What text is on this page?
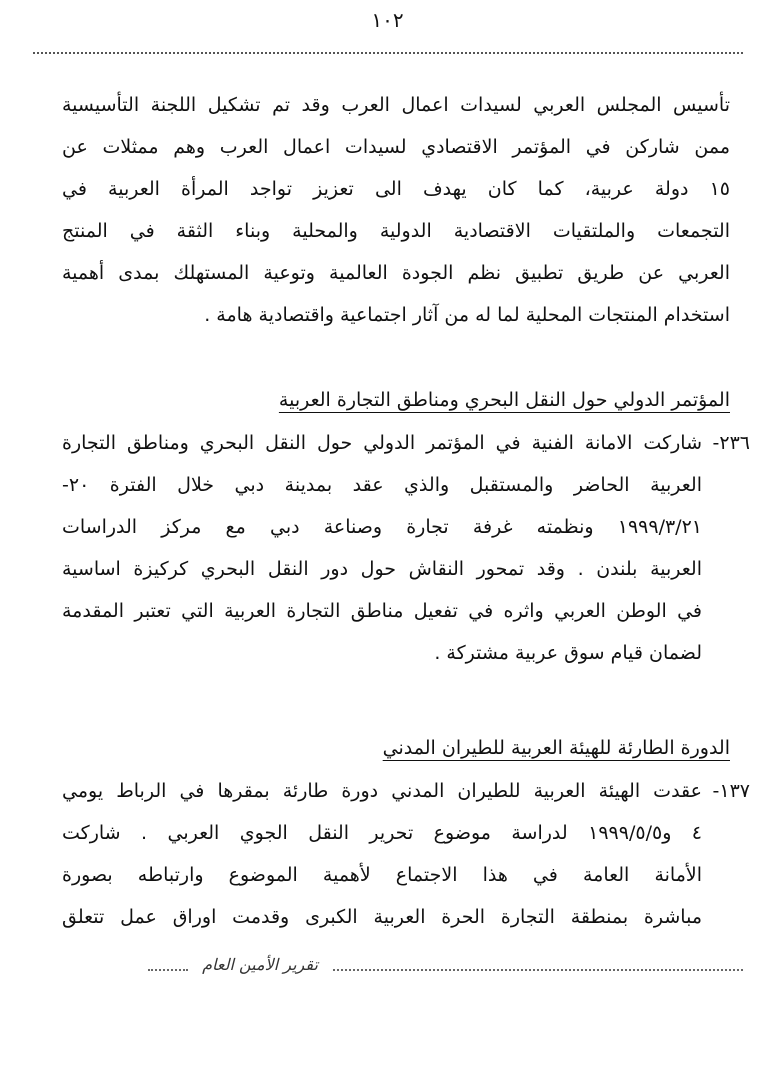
١٠٢
تأسيس المجلس العربي لسيدات اعمال العرب وقد تم تشكيل اللجنة التأسيسية
ممن شاركن في المؤتمر الاقتصادي لسيدات اعمال العرب وهم ممثلات عن
١٥ دولة عربية، كما كان يهدف الى تعزيز تواجد المرأة العربية في
التجمعات والملتقيات الاقتصادية الدولية والمحلية وبناء الثقة في المنتج
العربي عن طريق تطبيق نظم الجودة العالمية وتوعية المستهلك بمدى أهمية
استخدام المنتجات المحلية لما له من آثار اجتماعية واقتصادية هامة .
المؤتمر الدولي حول النقل البحري ومناطق التجارة العربية
٢٣٦-
شاركت الامانة الفنية في المؤتمر الدولي حول النقل البحري ومناطق التجارة
العربية الحاضر والمستقبل والذي عقد بمدينة دبي خلال الفترة ٢٠-
١٩٩٩/٣/٢١ ونظمته غرفة تجارة وصناعة دبي مع مركز الدراسات
العربية بلندن . وقد تمحور النقاش حول دور النقل البحري كركيزة اساسية
في الوطن العربي واثره في تفعيل مناطق التجارة العربية التي تعتبر المقدمة
لضمان قيام سوق عربية مشتركة .
الدورة الطارئة للهيئة العربية للطيران المدني
١٣٧-
عقدت الهيئة العربية للطيران المدني دورة طارئة بمقرها في الرباط يومي
٤ و١٩٩٩/٥/٥ لدراسة موضوع تحرير النقل الجوي العربي . شاركت
الأمانة العامة في هذا الاجتماع لأهمية الموضوع وارتباطه بصورة
مباشرة بمنطقة التجارة الحرة العربية الكبرى وقدمت اوراق عمل تتعلق
تقرير الأمين العام
